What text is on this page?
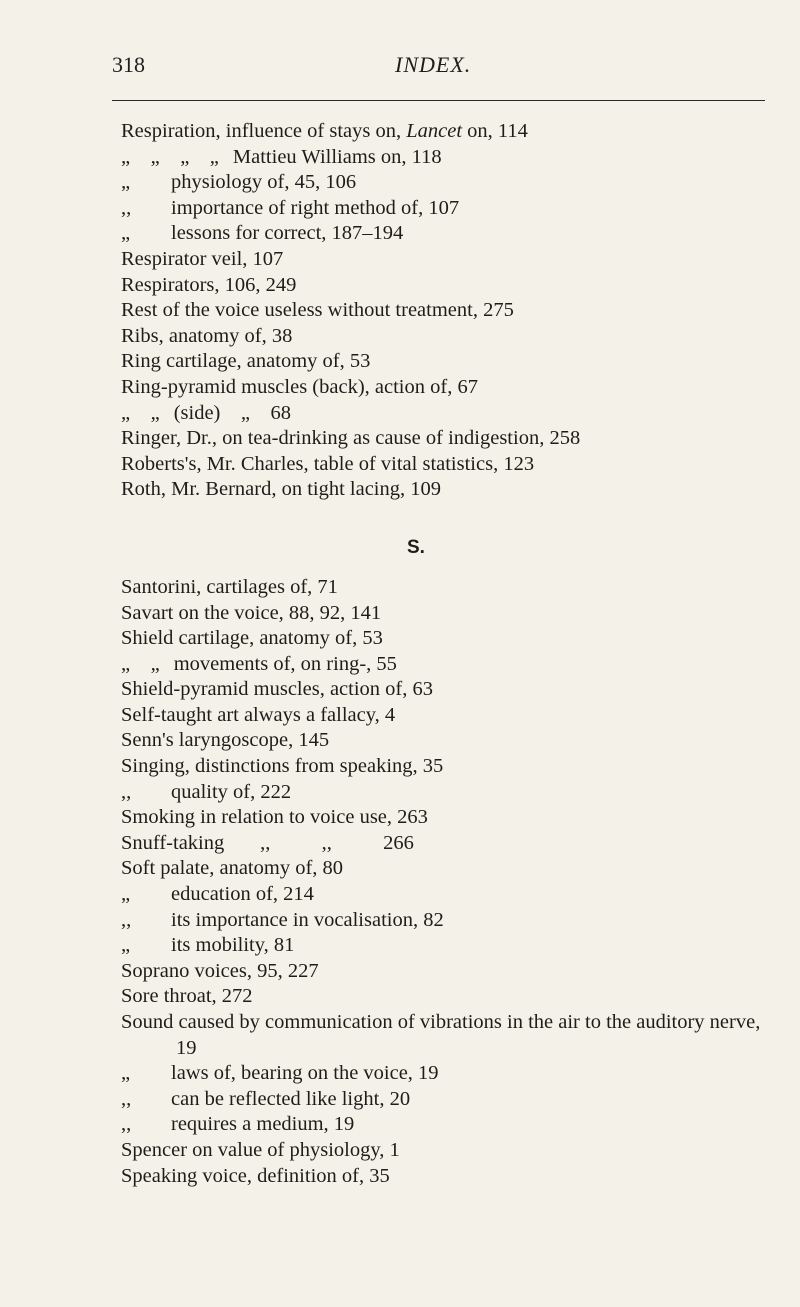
318	INDEX.
Respiration, influence of stays on, Lancet on, 114
„    „    „    „ Mattieu Williams on, 118
„ physiology of, 45, 106
,, importance of right method of, 107
„ lessons for correct, 187–194
Respirator veil, 107
Respirators, 106, 249
Rest of the voice useless without treatment, 275
Ribs, anatomy of, 38
Ring cartilage, anatomy of, 53
Ring-pyramid muscles (back), action of, 67
„    „ (side)    „    68
Ringer, Dr., on tea-drinking as cause of indigestion, 258
Roberts's, Mr. Charles, table of vital statistics, 123
Roth, Mr. Bernard, on tight lacing, 109
S.
Santorini, cartilages of, 71
Savart on the voice, 88, 92, 141
Shield cartilage, anatomy of, 53
„    „ movements of, on ring-, 55
Shield-pyramid muscles, action of, 63
Self-taught art always a fallacy, 4
Senn's laryngoscope, 145
Singing, distinctions from speaking, 35
,, quality of, 222
Smoking in relation to voice use, 263
Snuff-taking       ,,          ,,          266
Soft palate, anatomy of, 80
„ education of, 214
,, its importance in vocalisation, 82
„ its mobility, 81
Soprano voices, 95, 227
Sore throat, 272
Sound caused by communication of vibrations in the air to the auditory nerve, 19
„ laws of, bearing on the voice, 19
,, can be reflected like light, 20
,, requires a medium, 19
Spencer on value of physiology, 1
Speaking voice, definition of, 35
